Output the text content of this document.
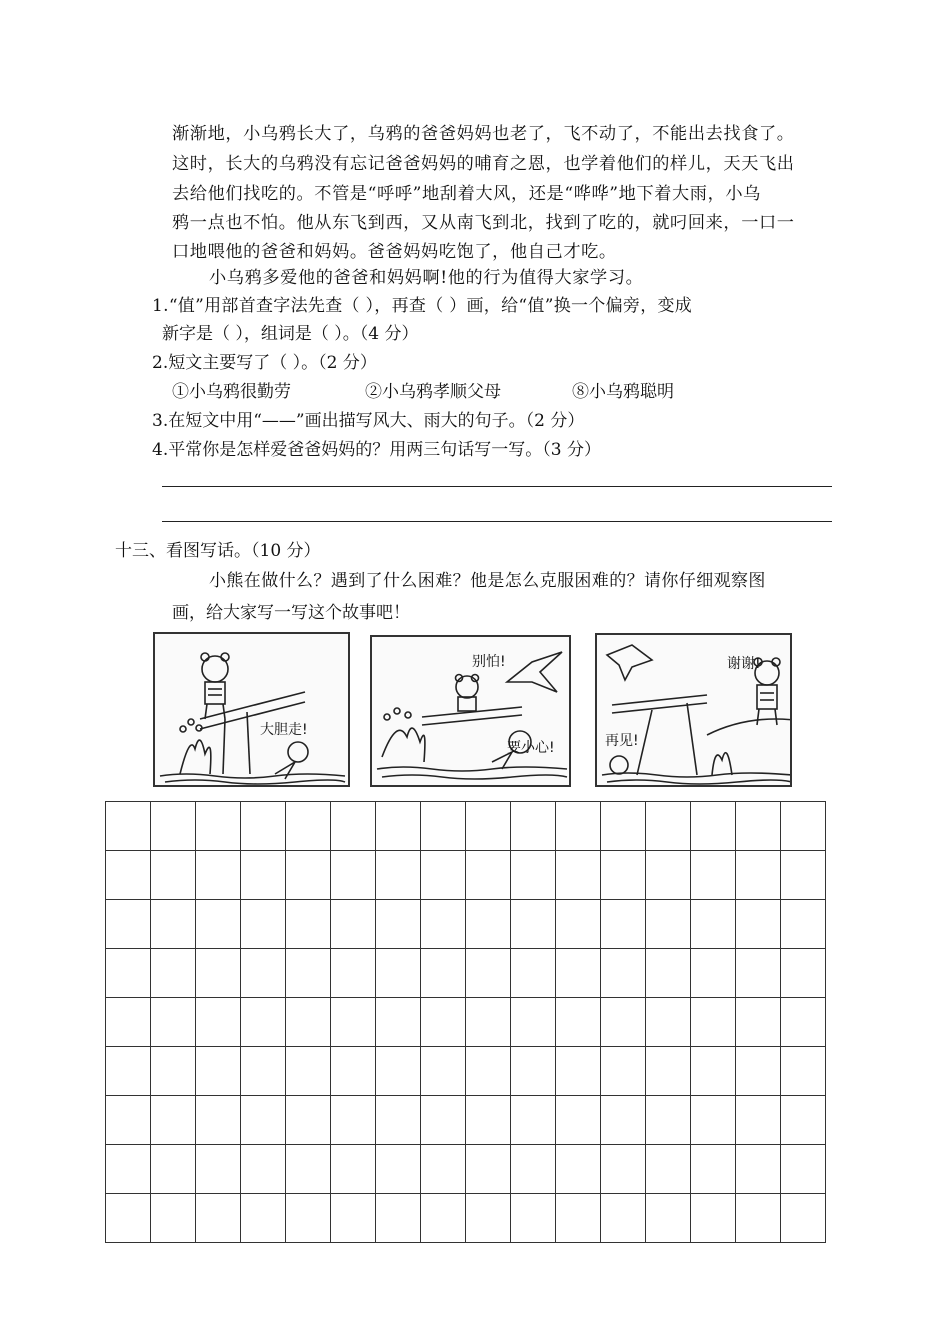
渐渐地，小乌鸦长大了，乌鸦的爸爸妈妈也老了，飞不动了，不能出去找食了。
这时，长大的乌鸦没有忘记爸爸妈妈的哺育之恩，也学着他们的样儿，天天飞出
去给他们找吃的。不管是“呼呼”地刮着大风，还是“哗哗”地下着大雨，小乌
鸦一点也不怕。他从东飞到西，又从南飞到北，找到了吃的，就叼回来，一口一
口地喂他的爸爸和妈妈。爸爸妈妈吃饱了，他自己才吃。
小乌鸦多爱他的爸爸和妈妈啊!他的行为值得大家学习。
1.“值”用部首查字法先查（ ），再查（ ）画，给“值”换一个偏旁，变成
新字是（ ），组词是（ ）。（4 分）
2.短文主要写了（ ）。（2 分）
①小乌鸦很勤劳	②小乌鸦孝顺父母	⑧小乌鸦聪明
3.在短文中用“——”画出描写风大、雨大的句子。（2 分）
4.平常你是怎样爱爸爸妈妈的？用两三句话写一写。（3 分）
十三、看图写话。（10 分）
小熊在做什么？遇到了什么困难？他是怎么克服困难的？请你仔细观察图
画，给大家写一写这个故事吧！
大胆走!
别怕!
要小心!
谢谢!
再见!
